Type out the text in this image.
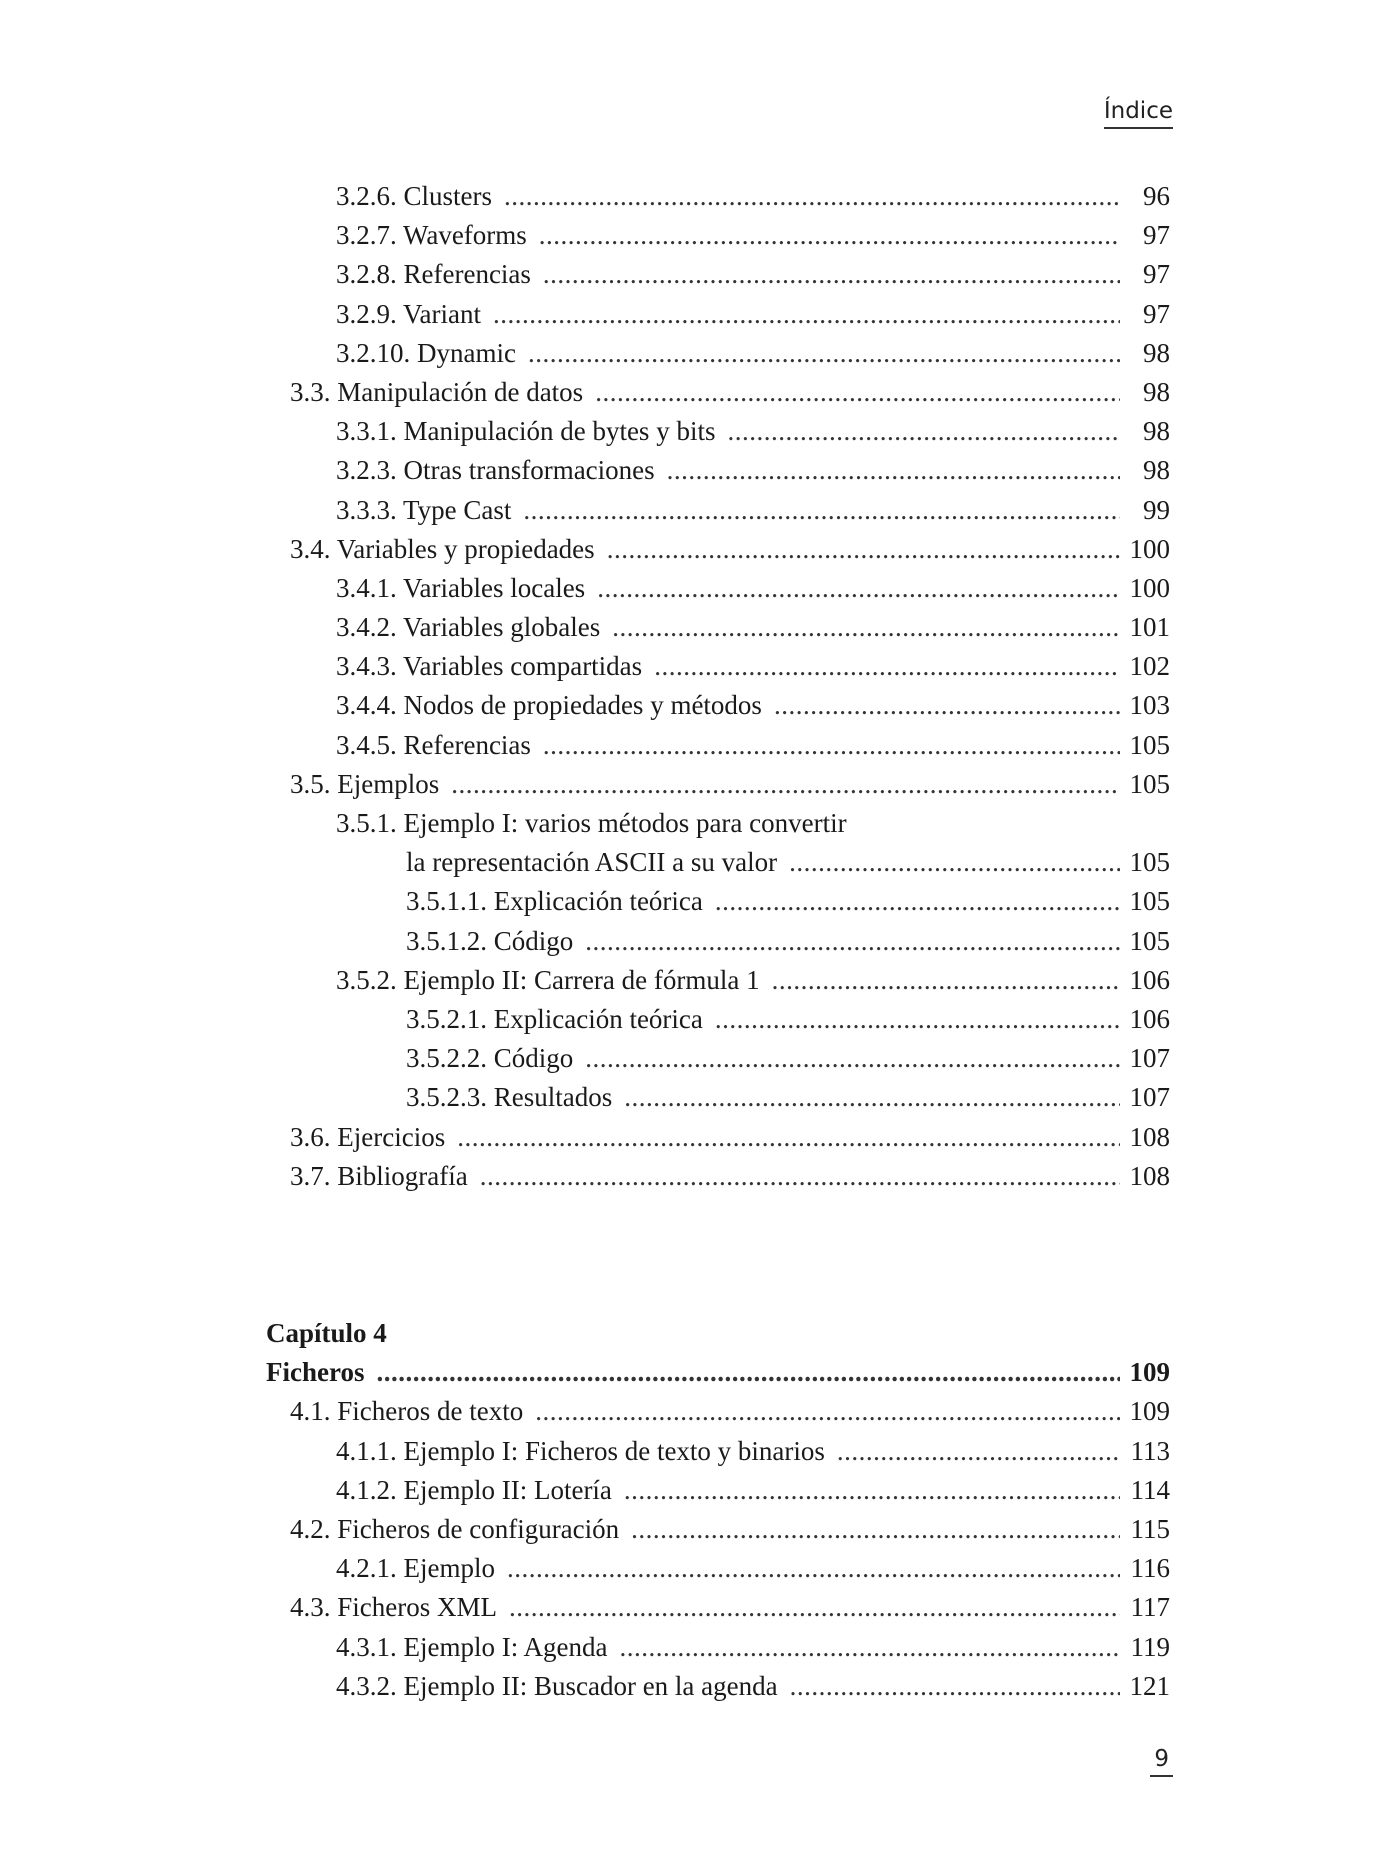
Índice
3.2.6. Clusters .....	96
3.2.7. Waveforms .....	97
3.2.8. Referencias .....	97
3.2.9. Variant .....	97
3.2.10. Dynamic .....	98
3.3. Manipulación de datos .....	98
3.3.1. Manipulación de bytes y bits .....	98
3.2.3. Otras transformaciones .....	98
3.3.3. Type Cast .....	99
3.4. Variables y propiedades .....	100
3.4.1. Variables locales .....	100
3.4.2. Variables globales .....	101
3.4.3. Variables compartidas .....	102
3.4.4. Nodos de propiedades y métodos .....	103
3.4.5. Referencias .....	105
3.5. Ejemplos .....	105
3.5.1. Ejemplo I: varios métodos para convertir
la representación ASCII a su valor .....	105
3.5.1.1. Explicación teórica .....	105
3.5.1.2. Código .....	105
3.5.2. Ejemplo II: Carrera de fórmula 1 .....	106
3.5.2.1. Explicación teórica .....	106
3.5.2.2. Código .....	107
3.5.2.3. Resultados .....	107
3.6. Ejercicios .....	108
3.7. Bibliografía .....	108
Capítulo 4
Ficheros .....	109
4.1. Ficheros de texto .....	109
4.1.1. Ejemplo I: Ficheros de texto y binarios .....	113
4.1.2. Ejemplo II: Lotería .....	114
4.2. Ficheros de configuración .....	115
4.2.1. Ejemplo .....	116
4.3. Ficheros XML .....	117
4.3.1. Ejemplo I: Agenda .....	119
4.3.2. Ejemplo II: Buscador en la agenda .....	121
9
